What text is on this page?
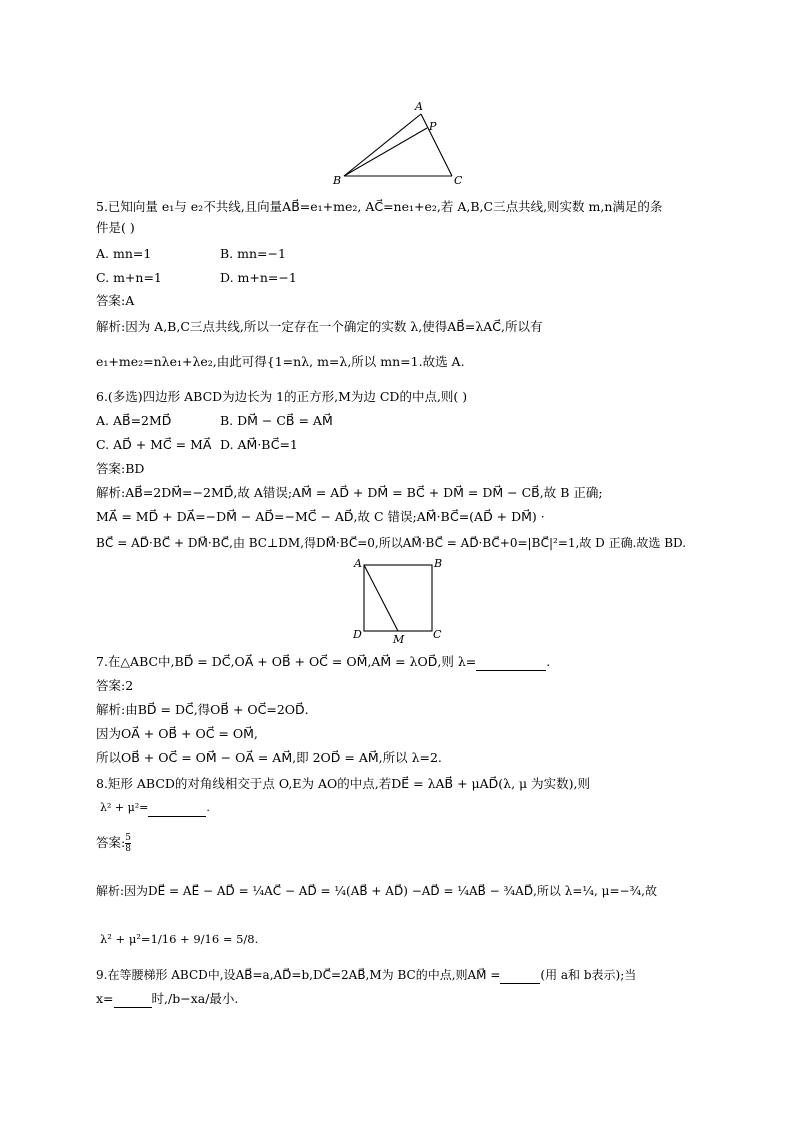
A
P
B	C
5.已知向量 e₁与 e₂不共线,且向量AB⃗=e₁+me₂, AC⃗=ne₁+e₂,若 A,B,C三点共线,则实数 m,n满足的条
件是( )
A. mn=1	B. mn=−1
C. m+n=1	D. m+n=−1
答案:A
解析:因为 A,B,C三点共线,所以一定存在一个确定的实数 λ,使得AB⃗=λAC⃗,所以有
e₁+me₂=nλe₁+λe₂,由此可得{1=nλ, m=λ,所以 mn=1.故选 A.
6.(多选)四边形 ABCD为边长为 1的正方形,M为边 CD的中点,则( )
A. AB⃗=2MD⃗	B. DM⃗ − CB⃗ = AM⃗
C. AD⃗ + MC⃗ = MA⃗ D. AM⃗·BC⃗=1
答案:BD
解析:AB⃗=2DM⃗=−2MD⃗,故 A错误;AM⃗ = AD⃗ + DM⃗ = BC⃗ + DM⃗ = DM⃗ − CB⃗,故 B 正确;
MA⃗ = MD⃗ + DA⃗=−DM⃗ − AD⃗=−MC⃗ − AD⃗,故 C 错误;AM⃗·BC⃗=(AD⃗ + DM⃗) ·
BC⃗ = AD⃗·BC⃗ + DM⃗·BC⃗,由 BC⊥DM,得DM⃗·BC⃗=0,所以AM⃗·BC⃗ = AD⃗·BC⃗+0=|BC⃗|²=1,故 D 正确.故选 BD.
A	B
D	C
M
7.在△ABC中,BD⃗ = DC⃗,OA⃗ + OB⃗ + OC⃗ = OM⃗,AM⃗ = λOD⃗,则 λ=	.
答案:2
解析:由BD⃗ = DC⃗,得OB⃗ + OC⃗=2OD⃗.
因为OA⃗ + OB⃗ + OC⃗ = OM⃗,
所以OB⃗ + OC⃗ = OM⃗ − OA⃗ = AM⃗,即 2OD⃗ = AM⃗,所以 λ=2.
8.矩形 ABCD的对角线相交于点 O,E为 AO的中点,若DE⃗ = λAB⃗ + μAD⃗(λ, μ 为实数),则
λ² + μ²=	.
答案: $\frac{5}{8}$
解析:因为DE⃗ = AE⃗ − AD⃗ = ¼AC⃗ − AD⃗ = ¼(AB⃗ + AD⃗) −AD⃗ = ¼AB⃗ − ¾AD⃗,所以 λ=¼, μ=−¾,故
λ² + μ²=1/16 + 9/16 = 5/8.
9.在等腰梯形 ABCD中,设AB⃗=a,AD⃗=b,DC⃗=2AB⃗,M为 BC的中点,则AM⃗ =	(用 a和 b表示);当
x=	时,/b−xa/最小.
